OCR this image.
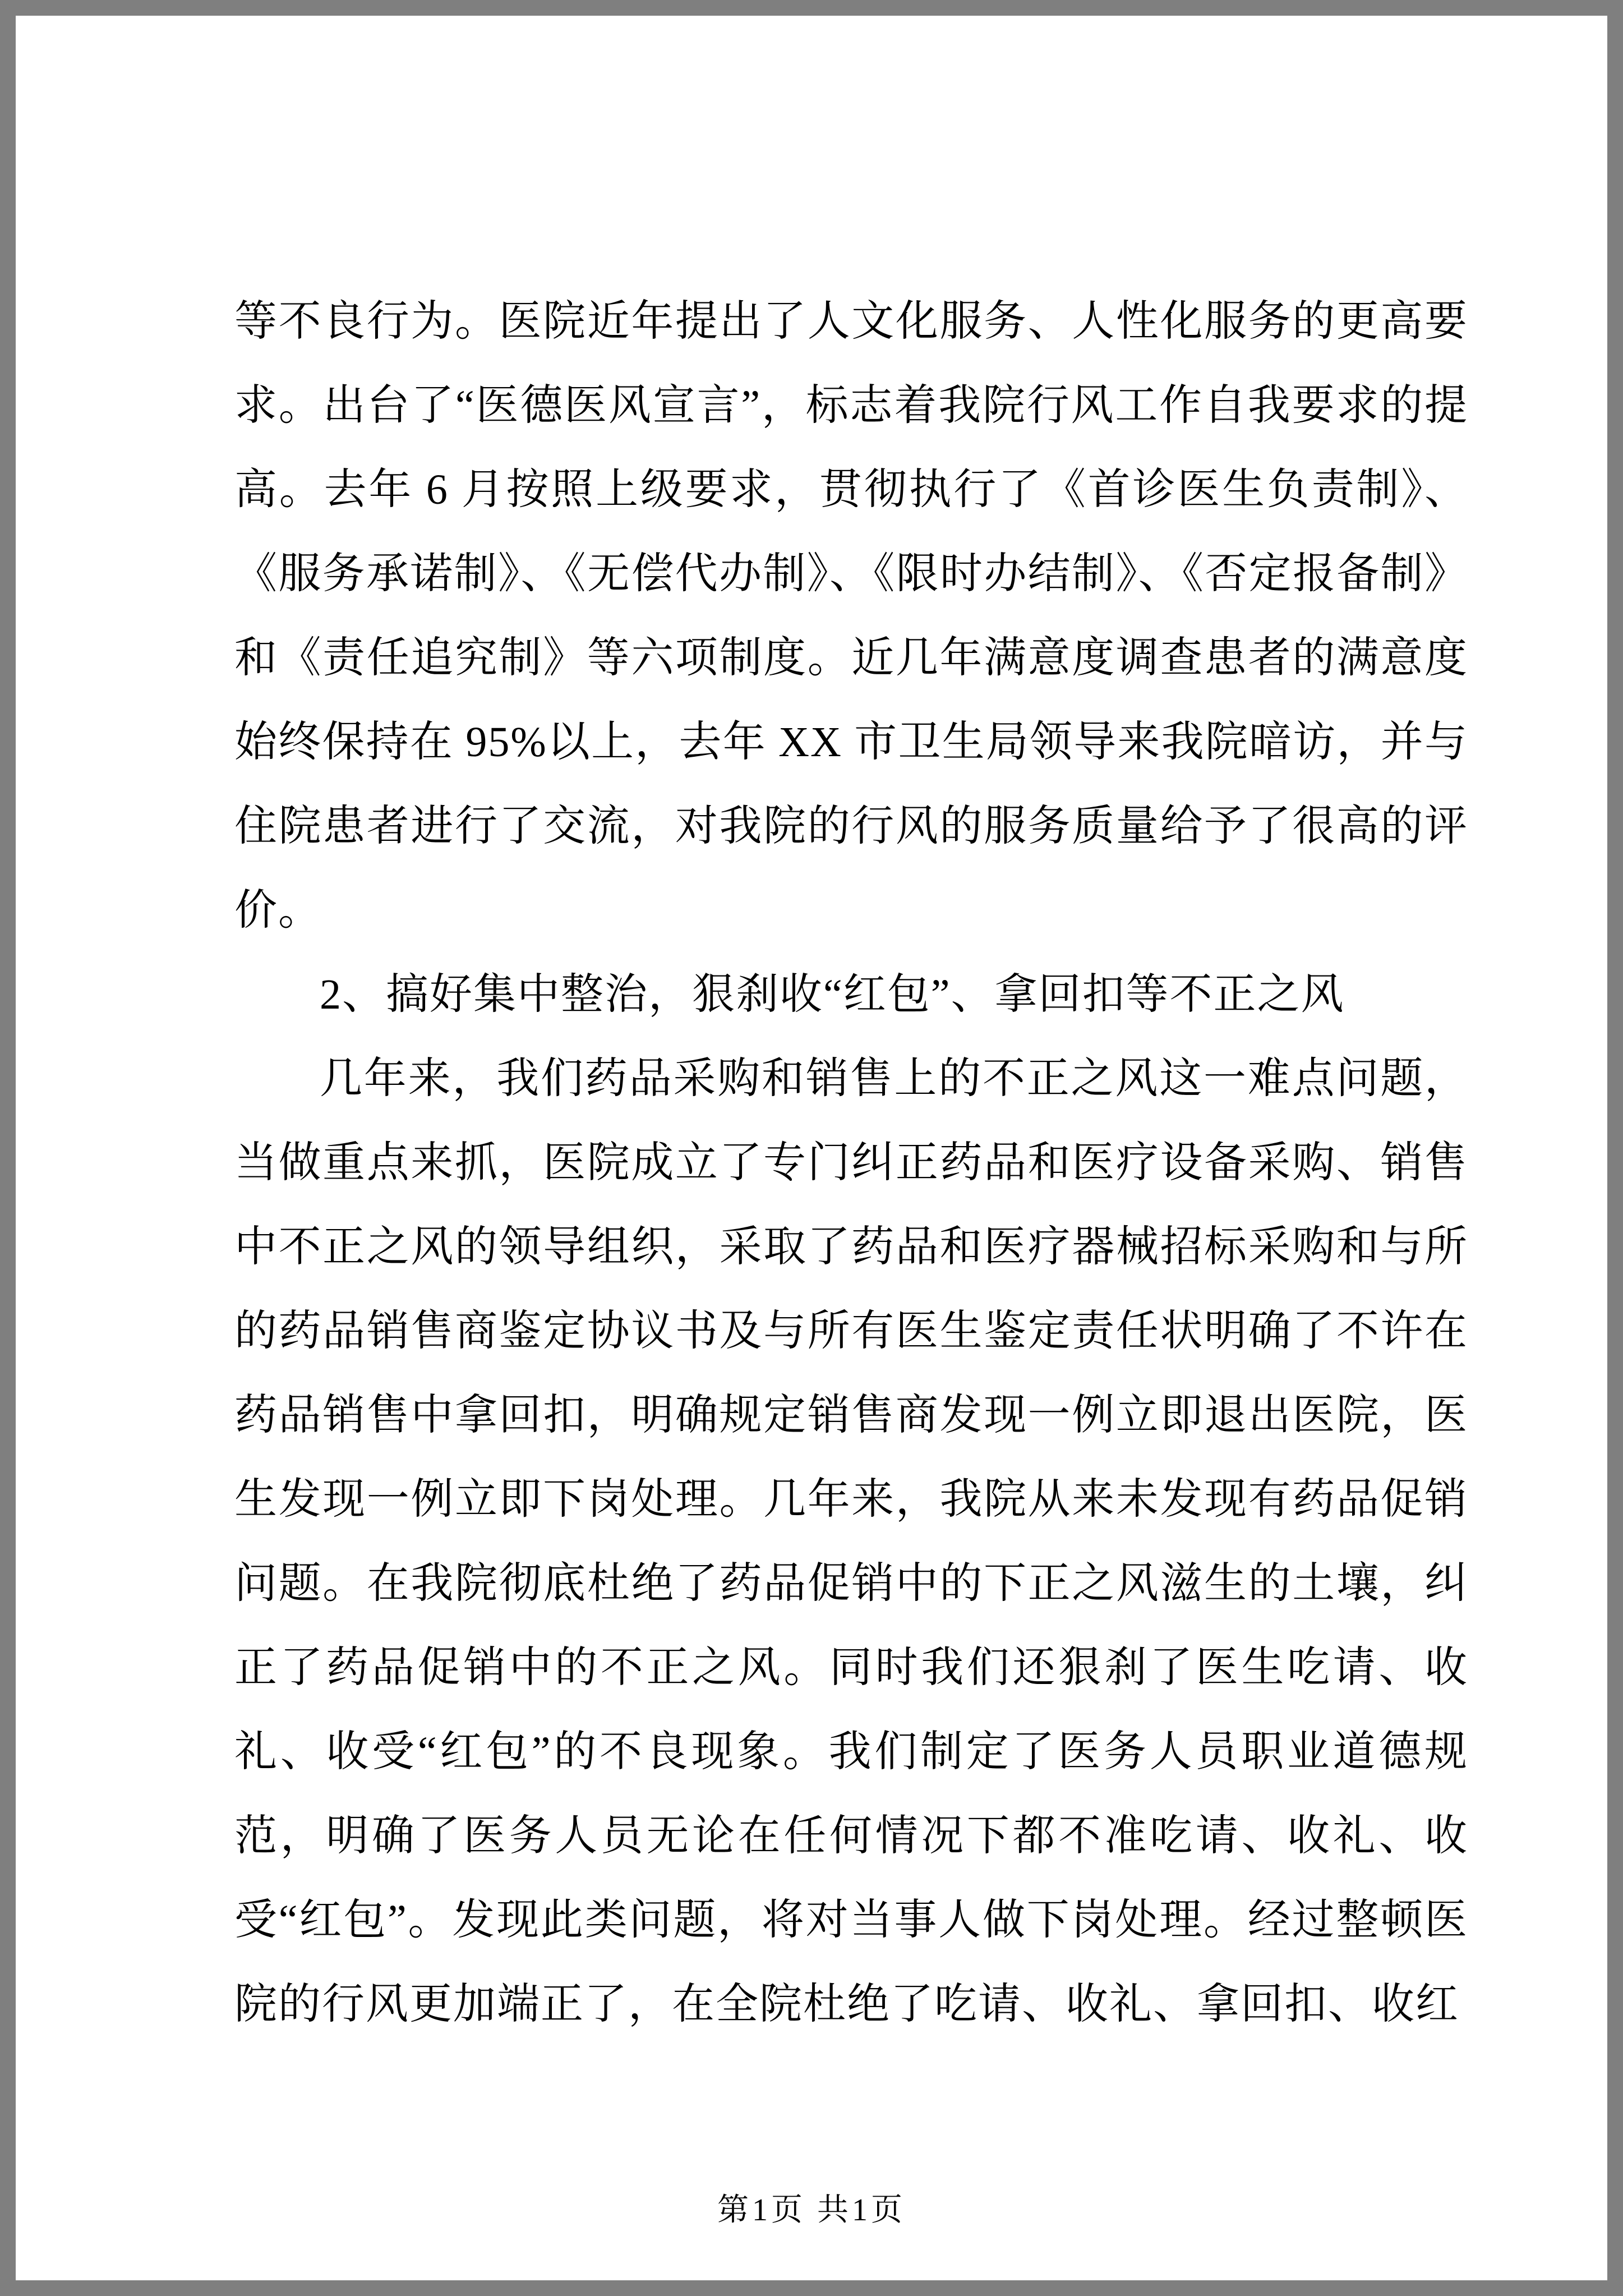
等不良行为。医院近年提出了人文化服务、人性化服务的更高要求。出台了“医德医风宣言”，标志着我院行风工作自我要求的提高。去年 6 月按照上级要求，贯彻执行了《首诊医生负责制》、《服务承诺制》、《无偿代办制》、《限时办结制》、《否定报备制》和《责任追究制》等六项制度。近几年满意度调查患者的满意度始终保持在 95%以上，去年 XX 市卫生局领导来我院暗访，并与住院患者进行了交流，对我院的行风的服务质量给予了很高的评价。

2、搞好集中整治，狠刹收“红包”、拿回扣等不正之风

几年来，我们药品采购和销售上的不正之风这一难点问题，当做重点来抓，医院成立了专门纠正药品和医疗设备采购、销售中不正之风的领导组织，采取了药品和医疗器械招标采购和与所的药品销售商鉴定协议书及与所有医生鉴定责任状明确了不许在药品销售中拿回扣，明确规定销售商发现一例立即退出医院，医生发现一例立即下岗处理。几年来，我院从来未发现有药品促销问题。在我院彻底杜绝了药品促销中的下正之风滋生的土壤，纠正了药品促销中的不正之风。同时我们还狠刹了医生吃请、收礼、收受“红包”的不良现象。我们制定了医务人员职业道德规范，明确了医务人员无论在任何情况下都不准吃请、收礼、收受“红包”。发现此类问题，将对当事人做下岗处理。经过整顿医院的行风更加端正了，在全院杜绝了吃请、收礼、拿回扣、收红

第1页 共1页
